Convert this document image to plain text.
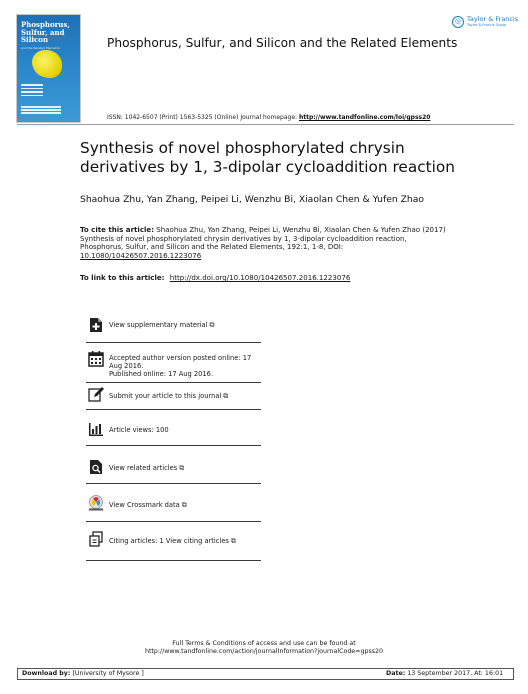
Phosphorus, Sulfur, and Silicon
and the Related Elements
◎ Taylor & Francis
Taylor & Francis Group
Phosphorus, Sulfur, and Silicon and the Related Elements
ISSN: 1042-6507 (Print) 1563-5325 (Online) Journal homepage: http://www.tandfonline.com/loi/gpss20
Synthesis of novel phosphorylated chrysin derivatives by 1, 3-dipolar cycloaddition reaction
Shaohua Zhu, Yan Zhang, Peipei Li, Wenzhu Bi, Xiaolan Chen & Yufen Zhao
To cite this article: Shaohua Zhu, Yan Zhang, Peipei Li, Wenzhu Bi, Xiaolan Chen & Yufen Zhao (2017) Synthesis of novel phosphorylated chrysin derivatives by 1, 3-dipolar cycloaddition reaction, Phosphorus, Sulfur, and Silicon and the Related Elements, 192:1, 1-8, DOI: 10.1080/10426507.2016.1223076
To link to this article: http://dx.doi.org/10.1080/10426507.2016.1223076
View supplementary material ⧉
Accepted author version posted online: 17 Aug 2016.
Published online: 17 Aug 2016.
Submit your article to this journal ⧉
Article views: 100
View related articles ⧉
View Crossmark data ⧉
Citing articles: 1 View citing articles ⧉
Full Terms & Conditions of access and use can be found at
http://www.tandfonline.com/action/journalInformation?journalCode=gpss20
Download by: [University of Mysore ]	Date: 13 September 2017, At: 16:01
